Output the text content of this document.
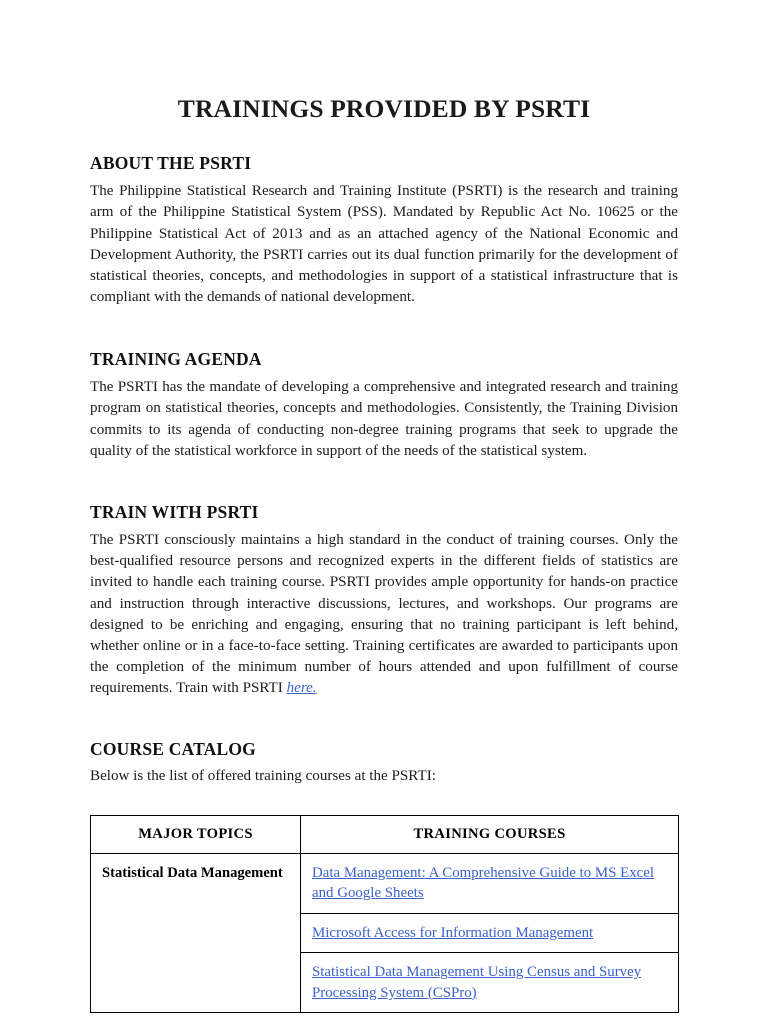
TRAININGS PROVIDED BY PSRTI
ABOUT THE PSRTI

The Philippine Statistical Research and Training Institute (PSRTI) is the research and training arm of the Philippine Statistical System (PSS). Mandated by Republic Act No. 10625 or the Philippine Statistical Act of 2013 and as an attached agency of the National Economic and Development Authority, the PSRTI carries out its dual function primarily for the development of statistical theories, concepts, and methodologies in support of a statistical infrastructure that is compliant with the demands of national development.

TRAINING AGENDA

The PSRTI has the mandate of developing a comprehensive and integrated research and training program on statistical theories, concepts and methodologies. Consistently, the Training Division commits to its agenda of conducting non-degree training programs that seek to upgrade the quality of the statistical workforce in support of the needs of the statistical system.

TRAIN WITH PSRTI

The PSRTI consciously maintains a high standard in the conduct of training courses. Only the best-qualified resource persons and recognized experts in the different fields of statistics are invited to handle each training course. PSRTI provides ample opportunity for hands-on practice and instruction through interactive discussions, lectures, and workshops. Our programs are designed to be enriching and engaging, ensuring that no training participant is left behind, whether online or in a face-to-face setting. Training certificates are awarded to participants upon the completion of the minimum number of hours attended and upon fulfillment of course requirements. Train with PSRTI here.

COURSE CATALOG

Below is the list of offered training courses at the PSRTI:

MAJOR TOPICS	TRAINING COURSES
Statistical Data Management	Data Management: A Comprehensive Guide to MS Excel and Google Sheets
	Microsoft Access for Information Management
	Statistical Data Management Using Census and Survey Processing System (CSPro)
